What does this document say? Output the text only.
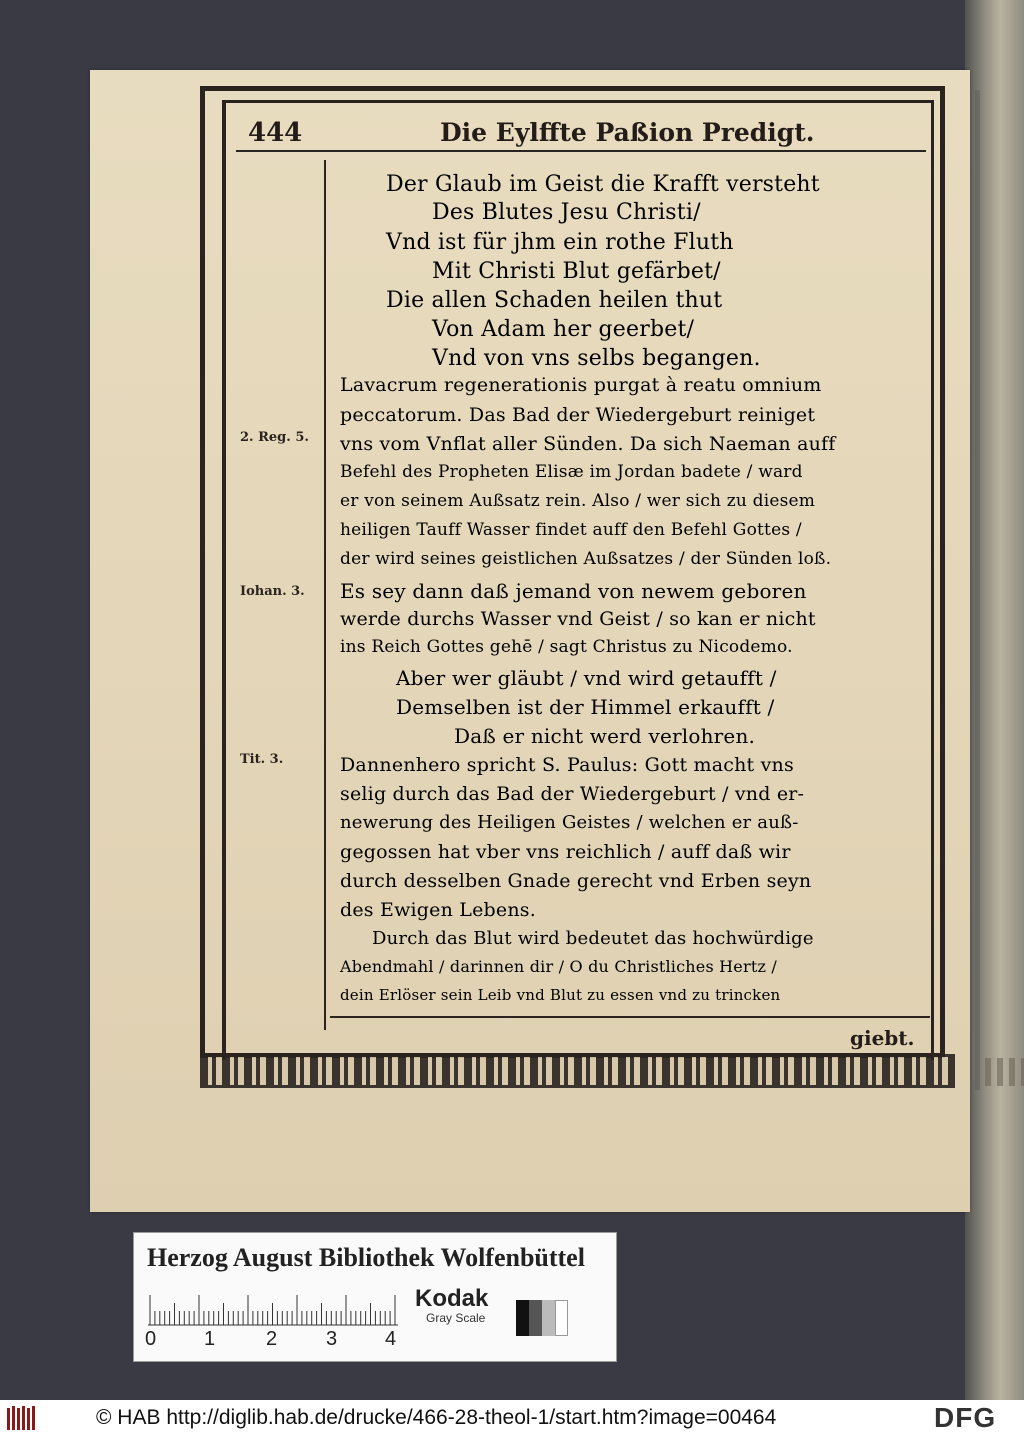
444	Die Eylffte Paßion Predigt.
2. Reg. 5.
Iohan. 3.
Tit. 3.
Der Glaub im Geist die Krafft versteht
Des Blutes Jesu Christi/
Vnd ist für jhm ein rothe Fluth
Mit Christi Blut gefärbet/
Die allen Schaden heilen thut
Von Adam her geerbet/
Vnd von vns selbs begangen.
Lavacrum regenerationis purgat à reatu omnium
peccatorum. Das Bad der Wiedergeburt reiniget
vns vom Vnflat aller Sünden. Da sich Naeman auff
Befehl des Propheten Elisæ im Jordan badete / ward
er von seinem Außsatz rein. Also / wer sich zu diesem
heiligen Tauff Wasser findet auff den Befehl Gottes /
der wird seines geistlichen Außsatzes / der Sünden loß.
Es sey dann daß jemand von newem geboren
werde durchs Wasser vnd Geist / so kan er nicht
ins Reich Gottes gehē / sagt Christus zu Nicodemo.
Aber wer gläubt / vnd wird getaufft /
Demselben ist der Himmel erkaufft /
Daß er nicht werd verlohren.
Dannenhero spricht S. Paulus: Gott macht vns
selig durch das Bad der Wiedergeburt / vnd er-
newerung des Heiligen Geistes / welchen er auß-
gegossen hat vber vns reichlich / auff daß wir
durch desselben Gnade gerecht vnd Erben seyn
des Ewigen Lebens.
Durch das Blut wird bedeutet das hochwürdige
Abendmahl / darinnen dir / O du Christliches Hertz /
dein Erlöser sein Leib vnd Blut zu essen vnd zu trincken
giebt.
Herzog August Bibliothek Wolfenbüttel
0 1	2 3 4
Kodak
Gray Scale
© HAB http://diglib.hab.de/drucke/466-28-theol-1/start.htm?image=00464	DFG
